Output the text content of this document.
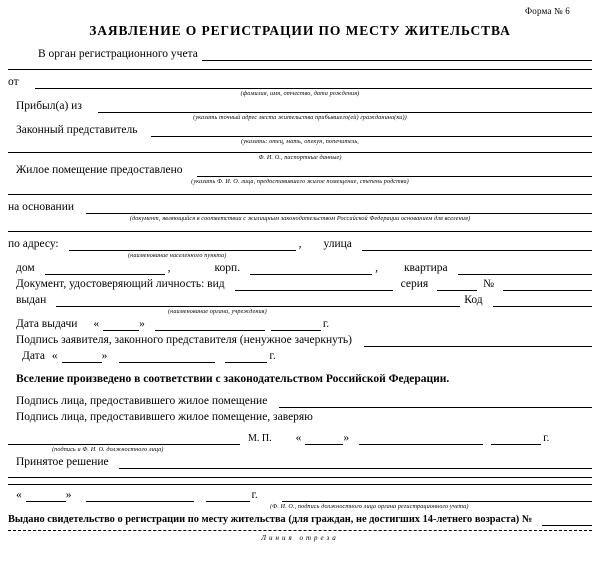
Форма № 6
ЗАЯВЛЕНИЕ О РЕГИСТРАЦИИ ПО МЕСТУ ЖИТЕЛЬСТВА
В орган регистрационного учета
от
(фамилия, имя, отчество, дата рождения)
Прибыл(а) из
(указать точный адрес места жительства прибывшего(ей) гражданина(ки))
Законный представитель
(указать: отец, мать, опекун, попечитель,
Ф. И. О., паспортные данные)
Жилое помещение предоставлено
(указать Ф. И. О. лица, предоставившего жилое помещение, степень родства)
на основании
(документ, являющийся в соответствии с жилищным законодательством Российской Федерации основанием для вселения)
по адресу:	, улица
(наименование населенного пункта)
дом	,	корп.	, квартира
Документ, удостоверяющий личность: вид	серия	№
выдан	Код
(наименование органа, учреждения)
Дата выдачи	«	»	г.
Подпись заявителя, законного представителя (ненужное зачеркнуть)
Дата «	»	г.
Вселение произведено в соответствии с законодательством Российской Федерации.
Подпись лица, предоставившего жилое помещение
Подпись лица, предоставившего жилое помещение, заверяю
М. П.	«	»	г.
(подпись и Ф. И. О. должностного лица)
Принятое решение
«	»	г.
(Ф. И. О., подпись должностного лица органа регистрационного учета)
Выдано свидетельство о регистрации по месту жительства (для граждан, не достигших 14-летнего возраста) №
Линия отреза
